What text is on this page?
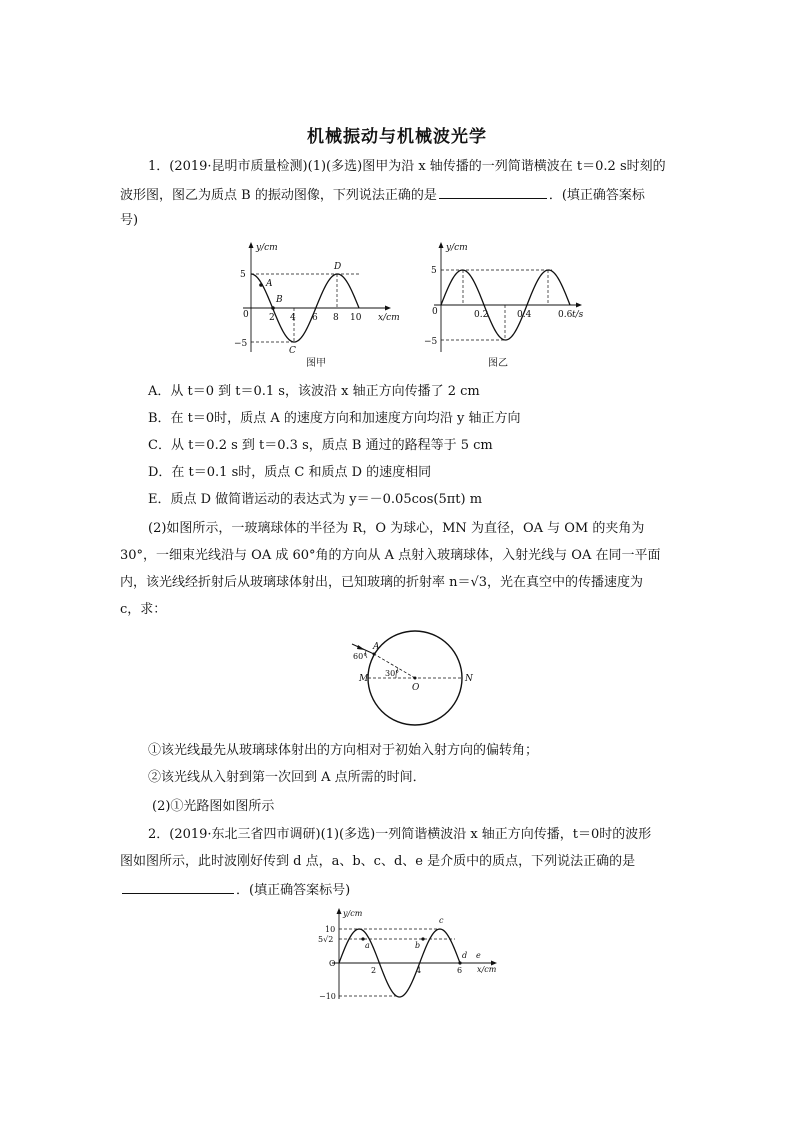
机械振动与机械波光学
1．(2019·昆明市质量检测)(1)(多选)图甲为沿 x 轴传播的一列简谐横波在 t＝0.2 s时刻的
波形图，图乙为质点 B 的振动图像，下列说法正确的是	．(填正确答案标
号)
y/cm
x/cm
5
−5
0 2 4 6 8 10
A
B
C
D
图甲
y/cm
t/s
5
−5
0	0.2	0.4	0.6
图乙
A．从 t＝0 到 t＝0.1 s，该波沿 x 轴正方向传播了 2 cm
B．在 t＝0时，质点 A 的速度方向和加速度方向均沿 y 轴正方向
C．从 t＝0.2 s 到 t＝0.3 s，质点 B 通过的路程等于 5 cm
D．在 t＝0.1 s时，质点 C 和质点 D 的速度相同
E．质点 D 做简谐运动的表达式为 y＝－0.05cos(5πt) m
(2)如图所示，一玻璃球体的半径为 R，O 为球心，MN 为直径，OA 与 OM 的夹角为
30°，一细束光线沿与 OA 成 60°角的方向从 A 点射入玻璃球体，入射光线与 OA 在同一平面
内，该光线经折射后从玻璃球体射出，已知玻璃的折射率 n＝√3，光在真空中的传播速度为
c，求：
A
60°
30°
M	N
O
①该光线最先从玻璃球体射出的方向相对于初始入射方向的偏转角；
②该光线从入射到第一次回到 A 点所需的时间．
(2)①光路图如图所示
2．(2019·东北三省四市调研)(1)(多选)一列简谐横波沿 x 轴正方向传播，t＝0时的波形
图如图所示，此时波刚好传到 d 点，a、b、c、d、e 是介质中的质点，下列说法正确的是
．(填正确答案标号)
y/cm
x/cm
10
5√2
−10
O
2	4	6
a	b
c
d e
